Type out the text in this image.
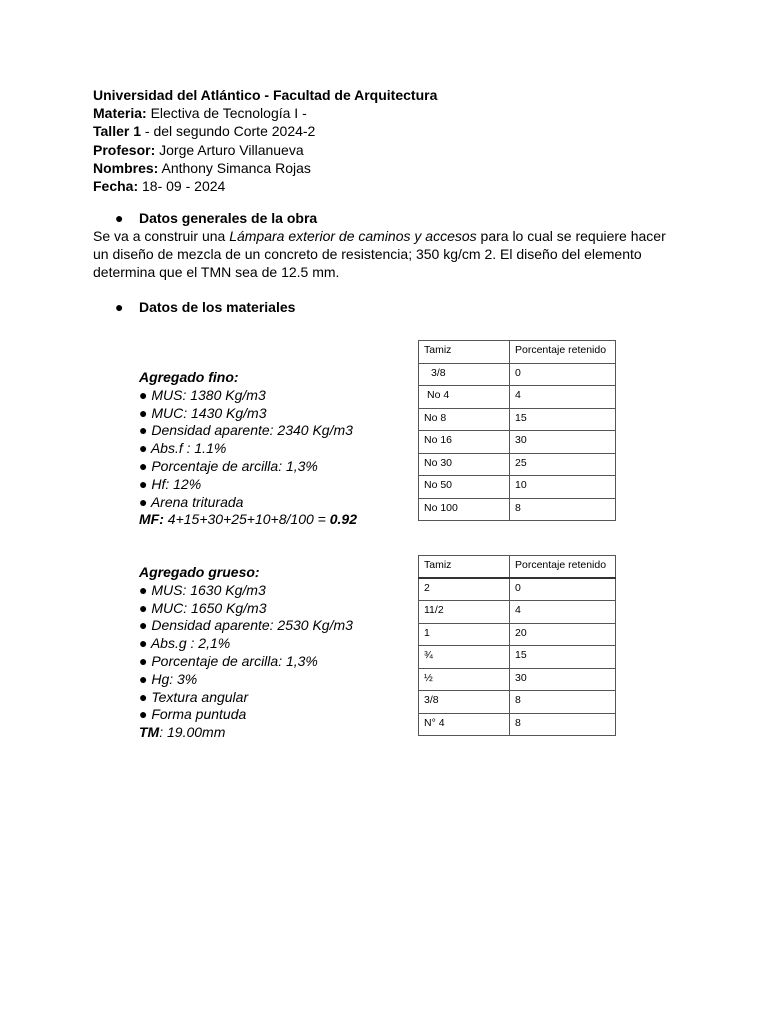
Universidad del Atlántico - Facultad de Arquitectura
Materia: Electiva de Tecnología I -
Taller 1 - del segundo Corte 2024-2
Profesor: Jorge Arturo Villanueva
Nombres: Anthony Simanca Rojas
Fecha: 18- 09 - 2024
● Datos generales de la obra
Se va a construir una Lámpara exterior de caminos y accesos para lo cual se requiere hacer un diseño de mezcla de un concreto de resistencia; 350 kg/cm 2. El diseño del elemento determina que el TMN sea de 12.5 mm.
● Datos de los materiales
Agregado fino:
● MUS: 1380 Kg/m3
● MUC: 1430 Kg/m3
● Densidad aparente: 2340 Kg/m3
● Abs.f : 1.1%
● Porcentaje de arcilla: 1,3%
● Hf: 12%
● Arena triturada
MF: 4+15+30+25+10+8/100 = 0.92
Tamiz	Porcentaje retenido
3/8	0
No 4	4
No 8	15
No 16	30
No 30	25
No 50	10
No 100	8
Agregado grueso:
● MUS: 1630 Kg/m3
● MUC: 1650 Kg/m3
● Densidad aparente: 2530 Kg/m3
● Abs.g : 2,1%
● Porcentaje de arcilla: 1,3%
● Hg: 3%
● Textura angular
● Forma puntuda
TM: 19.00mm
Tamiz	Porcentaje retenido
2	0
11/2	4
1	20
¾	15
½	30
3/8	8
N° 4	8
